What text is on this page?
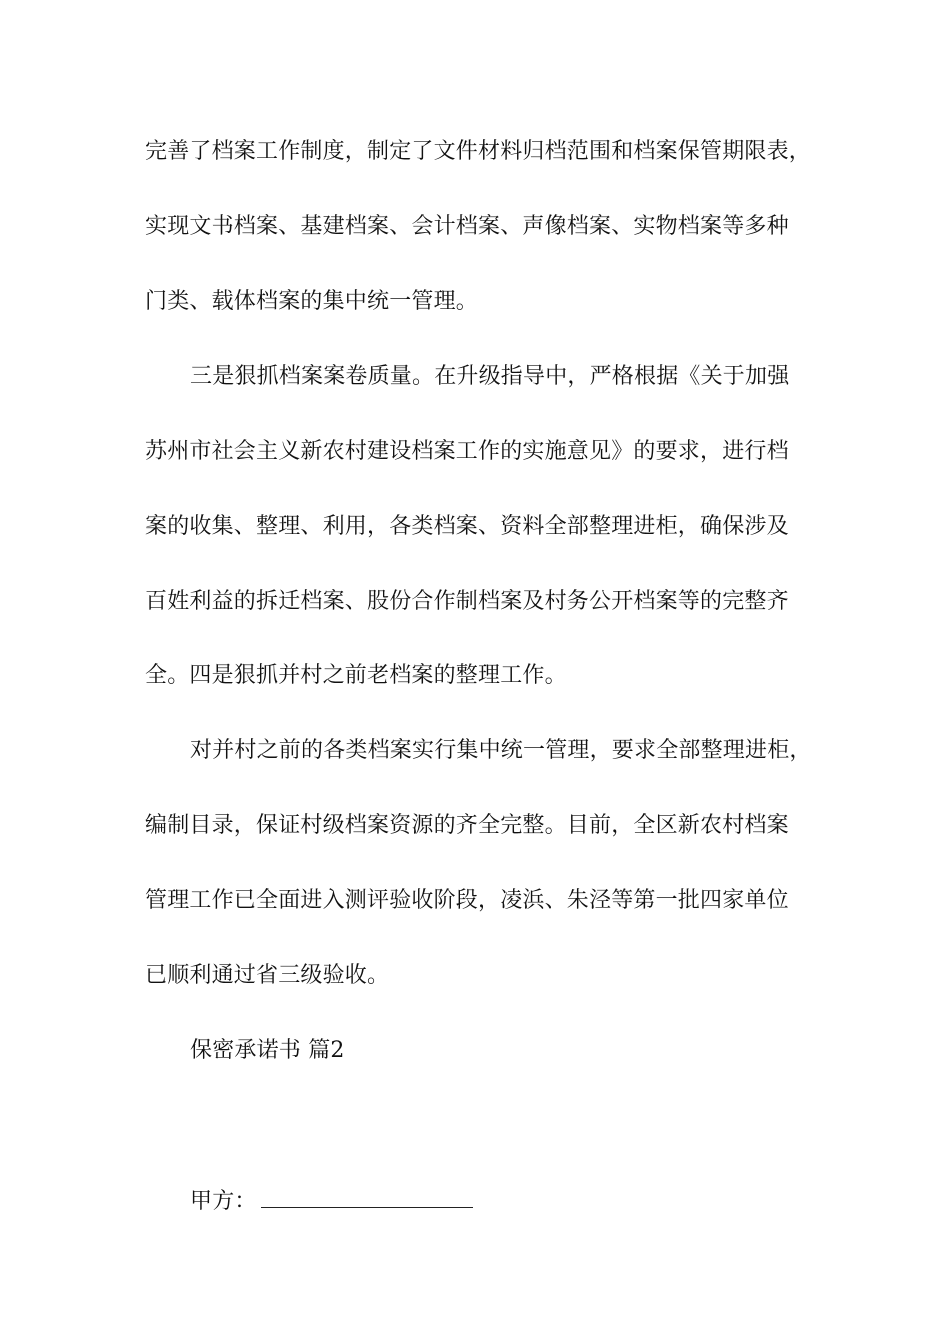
完善了档案工作制度，制定了文件材料归档范围和档案保管期限表，
实现文书档案、基建档案、会计档案、声像档案、实物档案等多种
门类、载体档案的集中统一管理。
三是狠抓档案案卷质量。在升级指导中，严格根据《关于加强
苏州市社会主义新农村建设档案工作的实施意见》的要求，进行档
案的收集、整理、利用，各类档案、资料全部整理进柜，确保涉及
百姓利益的拆迁档案、股份合作制档案及村务公开档案等的完整齐
全。四是狠抓并村之前老档案的整理工作。
对并村之前的各类档案实行集中统一管理，要求全部整理进柜，
编制目录，保证村级档案资源的齐全完整。目前，全区新农村档案
管理工作已全面进入测评验收阶段，凌浜、朱泾等第一批四家单位
已顺利通过省三级验收。
保密承诺书 篇2
甲方：
